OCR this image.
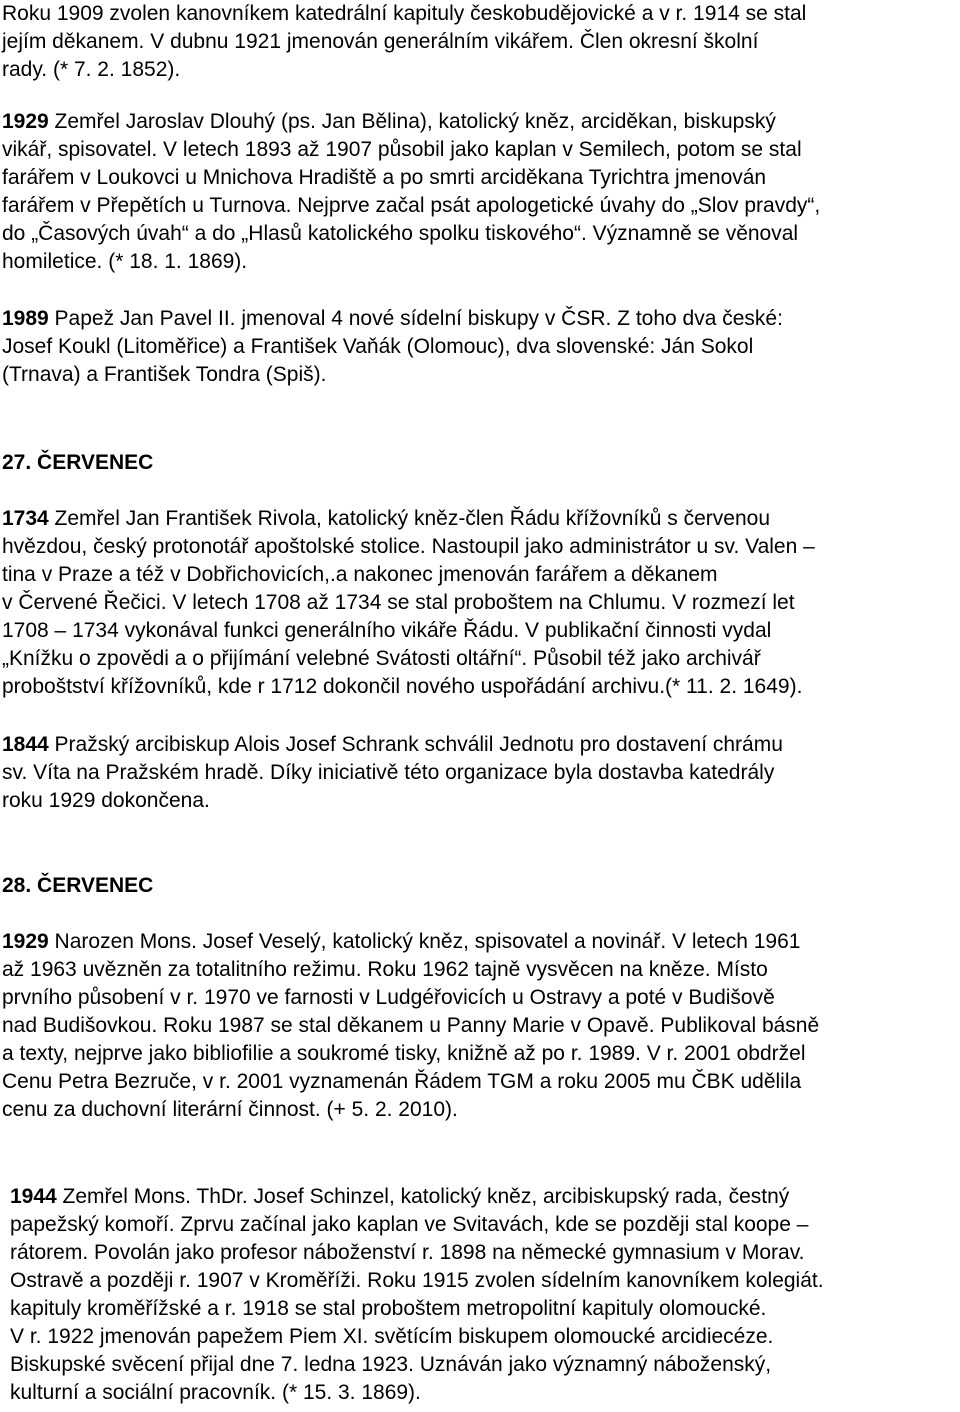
Roku 1909 zvolen kanovníkem katedrální kapituly českobudějovické a v r. 1914 se stal
jejím děkanem. V dubnu 1921 jmenován generálním vikářem. Člen okresní školní
rady. (* 7. 2. 1852).
1929 Zemřel Jaroslav Dlouhý (ps. Jan Bělina), katolický kněz, arciděkan, biskupský
vikář, spisovatel. V letech 1893 až 1907 působil jako kaplan v Semilech, potom se stal
farářem v Loukovci u Mnichova Hradiště a po smrti arciděkana Tyrichtra jmenován
farářem v Přepětích u Turnova. Nejprve začal psát apologetické úvahy do „Slov pravdy“,
do „Časových úvah“ a do „Hlasů katolického spolku tiskového“. Významně se věnoval
homiletice. (* 18. 1. 1869).
1989 Papež Jan Pavel II. jmenoval 4 nové sídelní biskupy v ČSR. Z toho dva české:
Josef Koukl (Litoměřice) a František Vaňák (Olomouc), dva slovenské: Ján Sokol
(Trnava) a František Tondra (Spiš).
27. ČERVENEC
1734 Zemřel Jan František Rivola, katolický kněz-člen Řádu křížovníků s červenou
hvězdou, český protonotář apoštolské stolice. Nastoupil jako administrátor u sv. Valen –
tina v Praze a též v Dobřichovicích,.a nakonec jmenován farářem a děkanem
v Červené Řečici. V letech 1708 až 1734 se stal proboštem na Chlumu. V rozmezí let
1708 – 1734 vykonával funkci generálního vikáře Řádu. V publikační činnosti vydal
„Knížku o zpovědi a o přijímání velebné Svátosti oltářní“. Působil též jako archivář
proboštství křížovníků, kde r 1712 dokončil nového uspořádání archivu.(* 11. 2. 1649).
1844 Pražský arcibiskup Alois Josef Schrank schválil Jednotu pro dostavení chrámu
sv. Víta na Pražském hradě. Díky iniciativě této organizace byla dostavba katedrály
roku 1929 dokončena.
28. ČERVENEC
1929 Narozen Mons. Josef Veselý, katolický kněz, spisovatel a novinář. V letech 1961
až 1963 uvězněn za totalitního režimu. Roku 1962 tajně vysvěcen na kněze. Místo
prvního působení v r. 1970 ve farnosti v Ludgéřovicích u Ostravy a poté v Budišově
nad Budišovkou. Roku 1987 se stal děkanem u Panny Marie v Opavě. Publikoval básně
a texty, nejprve jako bibliofilie a soukromé tisky, knižně až po r. 1989. V r. 2001 obdržel
Cenu Petra Bezruče, v r. 2001 vyznamenán Řádem TGM a roku 2005 mu ČBK udělila
cenu za duchovní literární činnost. (+ 5. 2. 2010).
1944 Zemřel Mons. ThDr. Josef Schinzel, katolický kněz, arcibiskupský rada, čestný
papežský komoří. Zprvu začínal jako kaplan ve Svitavách, kde se později stal koope –
rátorem. Povolán jako profesor náboženství r. 1898 na německé gymnasium v Morav.
Ostravě a později r. 1907 v Kroměříži. Roku 1915 zvolen sídelním kanovníkem kolegiát.
kapituly kroměřížské a r. 1918 se stal proboštem metropolitní kapituly olomoucké.
V r. 1922 jmenován papežem Piem XI. světícím biskupem olomoucké arcidiecéze.
Biskupské svěcení přijal dne 7. ledna 1923. Uznáván jako významný náboženský,
kulturní a sociální pracovník. (* 15. 3. 1869).
